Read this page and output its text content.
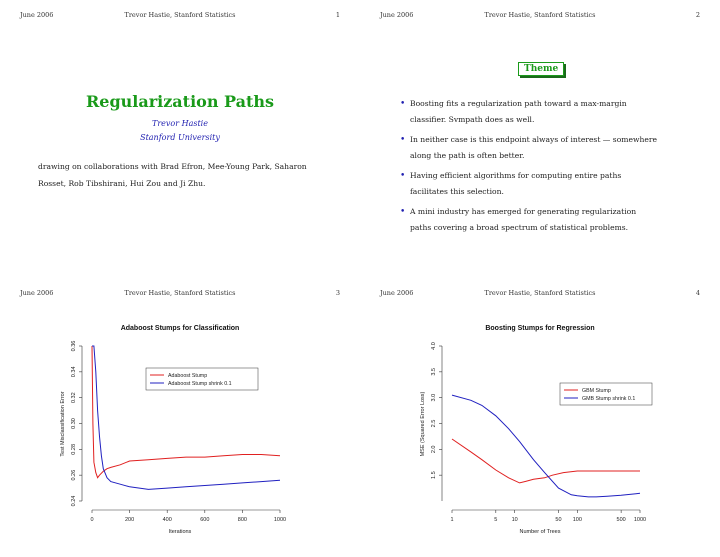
June 2006	Trevor Hastie, Stanford Statistics	1
Regularization Paths
Trevor Hastie
Stanford University
drawing on collaborations with Brad Efron, Mee-Young Park, Saharon
Rosset, Rob Tibshirani, Hui Zou and Ji Zhu.
June 2006	Trevor Hastie, Stanford Statistics	2
Theme
• Boosting fits a regularization path toward a max-margin
classifier. Svmpath does as well.
• In neither case is this endpoint always of interest — somewhere
along the path is often better.
• Having efficient algorithms for computing entire paths
facilitates this selection.
• A mini industry has emerged for generating regularization
paths covering a broad spectrum of statistical problems.
June 2006	Trevor Hastie, Stanford Statistics	3
Adaboost Stumps for Classification
0	200	400	600	800	1000
0.24
0.26
0.28
0.30
0.32
0.34
0.36
Iterations
Test Misclassification Error
Adaboost Stump
Adaboost Stump shrink 0.1
June 2006	Trevor Hastie, Stanford Statistics	4
Boosting Stumps for Regression
1	5	10	50 100	500 1000
1.5
2.0
2.5
3.0
3.5
4.0
Number of Trees
MSE (Squared Error Loss)
GBM Stump
GMB Stump shrink 0.1
